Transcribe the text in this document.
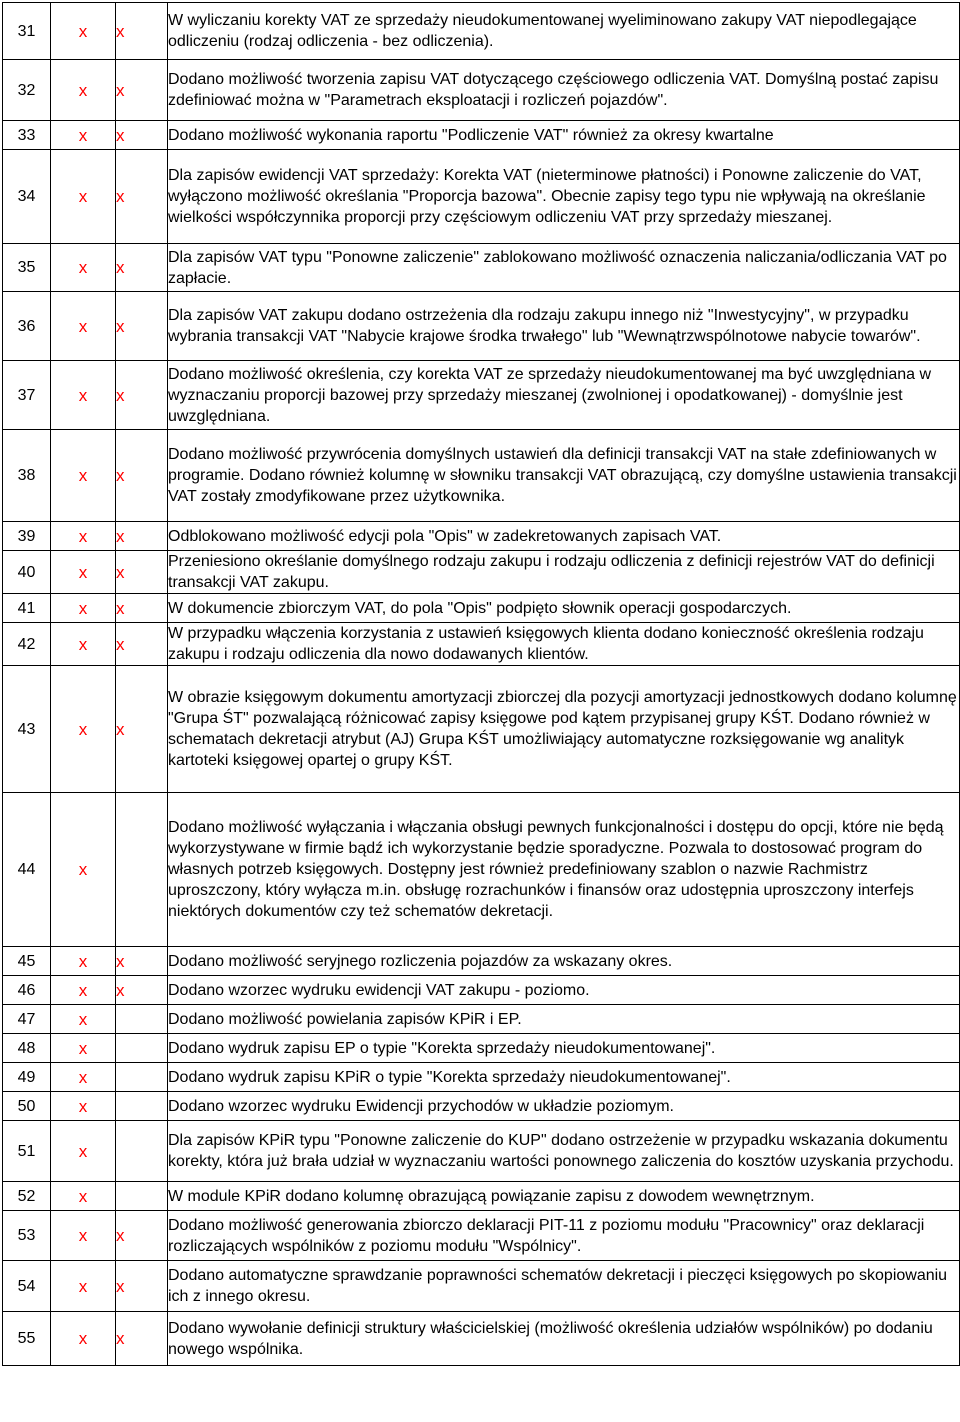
31	x	x	W wyliczaniu korekty VAT ze sprzedaży nieudokumentowanej wyeliminowano zakupy VAT niepodlegające odliczeniu (rodzaj odliczenia - bez odliczenia).
32	x	x	Dodano możliwość tworzenia zapisu VAT dotyczącego częściowego odliczenia VAT. Domyślną postać zapisu zdefiniować można w "Parametrach eksploatacji i rozliczeń pojazdów".
33	x	x	Dodano możliwość wykonania raportu "Podliczenie VAT" również za okresy kwartalne
34	x	x	Dla zapisów ewidencji VAT sprzedaży: Korekta VAT (nieterminowe płatności) i Ponowne zaliczenie do VAT, wyłączono możliwość określania "Proporcja bazowa". Obecnie zapisy tego typu nie wpływają na określanie wielkości współczynnika proporcji przy częściowym odliczeniu VAT przy sprzedaży mieszanej.
35	x	x	Dla zapisów VAT typu "Ponowne zaliczenie" zablokowano możliwość oznaczenia naliczania/odliczania VAT po zapłacie.
36	x	x	Dla zapisów VAT zakupu dodano ostrzeżenia dla rodzaju zakupu innego niż "Inwestycyjny", w przypadku wybrania transakcji VAT "Nabycie krajowe środka trwałego" lub "Wewnątrzwspólnotowe nabycie towarów".
37	x	x	Dodano możliwość określenia, czy korekta VAT ze sprzedaży nieudokumentowanej ma być uwzględniana w wyznaczaniu proporcji bazowej przy sprzedaży mieszanej (zwolnionej i opodatkowanej) - domyślnie jest uwzględniana.
38	x	x	Dodano możliwość przywrócenia domyślnych ustawień dla definicji transakcji VAT na stałe zdefiniowanych w programie. Dodano również kolumnę w słowniku transakcji VAT obrazującą, czy domyślne ustawienia transakcji VAT zostały zmodyfikowane przez użytkownika.
39	x	x	Odblokowano możliwość edycji pola "Opis" w zadekretowanych zapisach VAT.
40	x	x	Przeniesiono określanie domyślnego rodzaju zakupu i rodzaju odliczenia z definicji rejestrów VAT do definicji transakcji VAT zakupu.
41	x	x	W dokumencie zbiorczym VAT, do pola "Opis" podpięto słownik operacji gospodarczych.
42	x	x	W przypadku włączenia korzystania z ustawień księgowych klienta dodano konieczność określenia rodzaju zakupu i rodzaju odliczenia dla nowo dodawanych klientów.
43	x	x	W obrazie księgowym dokumentu amortyzacji zbiorczej dla pozycji amortyzacji jednostkowych dodano kolumnę "Grupa ŚT" pozwalającą różnicować zapisy księgowe pod kątem przypisanej grupy KŚT. Dodano również w schematach dekretacji atrybut (AJ) Grupa KŚT umożliwiający automatyczne rozksięgowanie wg analityk kartoteki księgowej opartej o grupy KŚT.
44	x		Dodano możliwość wyłączania i włączania obsługi pewnych funkcjonalności i dostępu do opcji, które nie będą wykorzystywane w firmie bądź ich wykorzystanie będzie sporadyczne. Pozwala to dostosować program do własnych potrzeb księgowych. Dostępny jest również predefiniowany szablon o nazwie Rachmistrz uproszczony, który wyłącza m.in. obsługę rozrachunków i finansów oraz udostępnia uproszczony interfejs niektórych dokumentów czy też schematów dekretacji.
45	x	x	Dodano możliwość seryjnego rozliczenia pojazdów za wskazany okres.
46	x	x	Dodano wzorzec wydruku ewidencji VAT zakupu - poziomo.
47	x		Dodano możliwość powielania zapisów KPiR i EP.
48	x		Dodano wydruk zapisu EP o typie "Korekta sprzedaży nieudokumentowanej".
49	x		Dodano wydruk zapisu KPiR o typie "Korekta sprzedaży nieudokumentowanej".
50	x		Dodano wzorzec wydruku Ewidencji przychodów w układzie poziomym.
51	x		Dla zapisów KPiR typu "Ponowne zaliczenie do KUP" dodano ostrzeżenie w przypadku wskazania dokumentu korekty, która już brała udział w wyznaczaniu wartości ponownego zaliczenia do kosztów uzyskania przychodu.
52	x		W module KPiR dodano kolumnę obrazującą powiązanie zapisu z dowodem wewnętrznym.
53	x	x	Dodano możliwość generowania zbiorczo deklaracji PIT-11 z poziomu modułu "Pracownicy" oraz deklaracji rozliczających wspólników z poziomu modułu "Wspólnicy".
54	x	x	Dodano automatyczne sprawdzanie poprawności schematów dekretacji i pieczęci księgowych po skopiowaniu ich z innego okresu.
55	x	x	Dodano wywołanie definicji struktury właścicielskiej (możliwość określenia udziałów wspólników) po dodaniu nowego wspólnika.
